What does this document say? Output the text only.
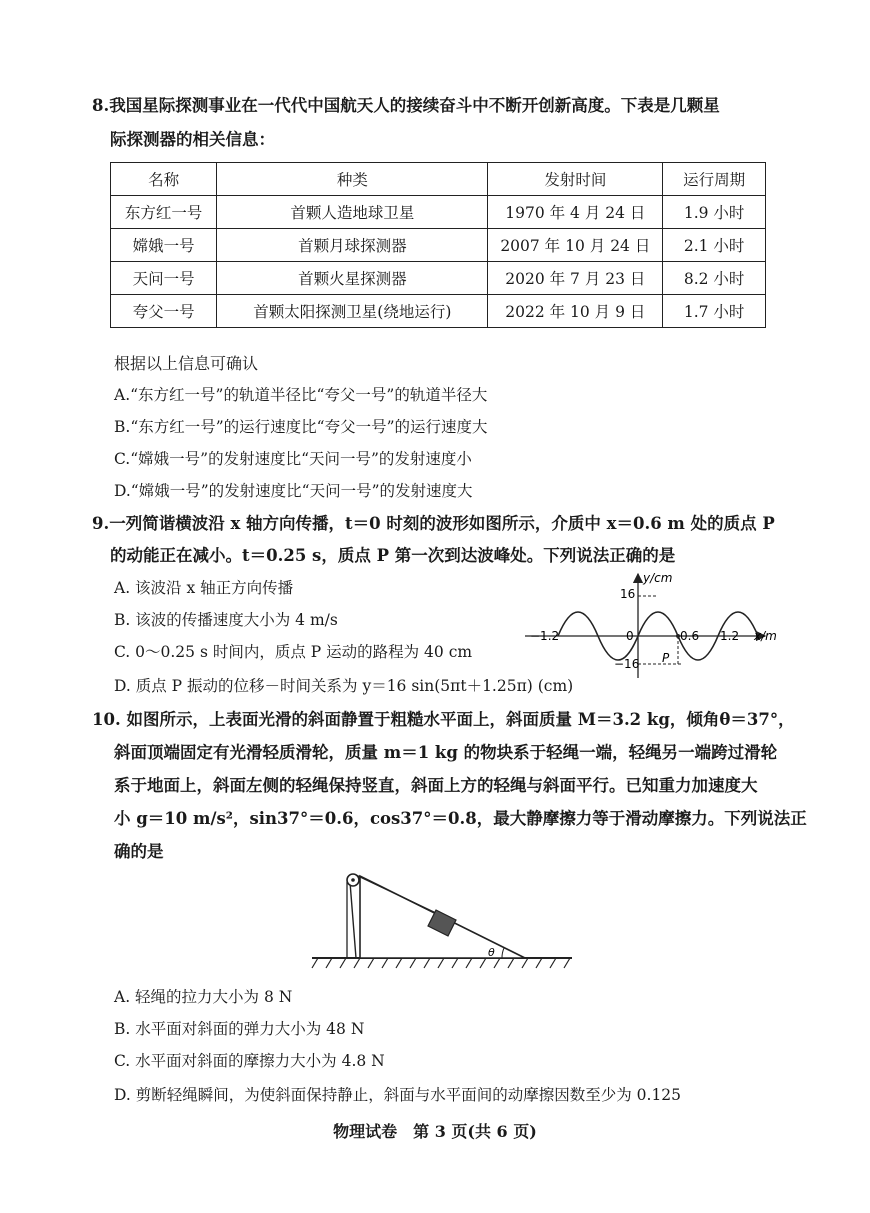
8.我国星际探测事业在一代代中国航天人的接续奋斗中不断开创新高度。下表是几颗星
际探测器的相关信息：
名称	种类	发射时间	运行周期
东方红一号	首颗人造地球卫星	1970 年 4 月 24 日	1.9 小时
嫦娥一号	首颗月球探测器	2007 年 10 月 24 日	2.1 小时
天问一号	首颗火星探测器	2020 年 7 月 23 日	8.2 小时
夸父一号	首颗太阳探测卫星(绕地运行)	2022 年 10 月 9 日	1.7 小时
根据以上信息可确认
A.“东方红一号”的轨道半径比“夸父一号”的轨道半径大
B.“东方红一号”的运行速度比“夸父一号”的运行速度大
C.“嫦娥一号”的发射速度比“天问一号”的发射速度小
D.“嫦娥一号”的发射速度比“天问一号”的发射速度大
9.一列简谐横波沿 x 轴方向传播，t＝0 时刻的波形如图所示，介质中 x＝0.6 m 处的质点 P
的动能正在减小。t＝0.25 s，质点 P 第一次到达波峰处。下列说法正确的是
A. 该波沿 x 轴正方向传播
B. 该波的传播速度大小为 4 m/s
C. 0～0.25 s 时间内，质点 P 运动的路程为 40 cm
D. 质点 P 振动的位移－时间关系为 y＝16 sin(5πt＋1.25π) (cm)
y/cm
x/m
16
−16
−1.2	0	0.6 1.2
P
10. 如图所示，上表面光滑的斜面静置于粗糙水平面上，斜面质量 M＝3.2 kg，倾角θ＝37°，
斜面顶端固定有光滑轻质滑轮，质量 m＝1 kg 的物块系于轻绳一端，轻绳另一端跨过滑轮
系于地面上，斜面左侧的轻绳保持竖直，斜面上方的轻绳与斜面平行。已知重力加速度大
小 g＝10 m/s²，sin37°＝0.6，cos37°＝0.8，最大静摩擦力等于滑动摩擦力。下列说法正
确的是
θ
A. 轻绳的拉力大小为 8 N
B. 水平面对斜面的弹力大小为 48 N
C. 水平面对斜面的摩擦力大小为 4.8 N
D. 剪断轻绳瞬间，为使斜面保持静止，斜面与水平面间的动摩擦因数至少为 0.125
物理试卷　第 3 页(共 6 页)
